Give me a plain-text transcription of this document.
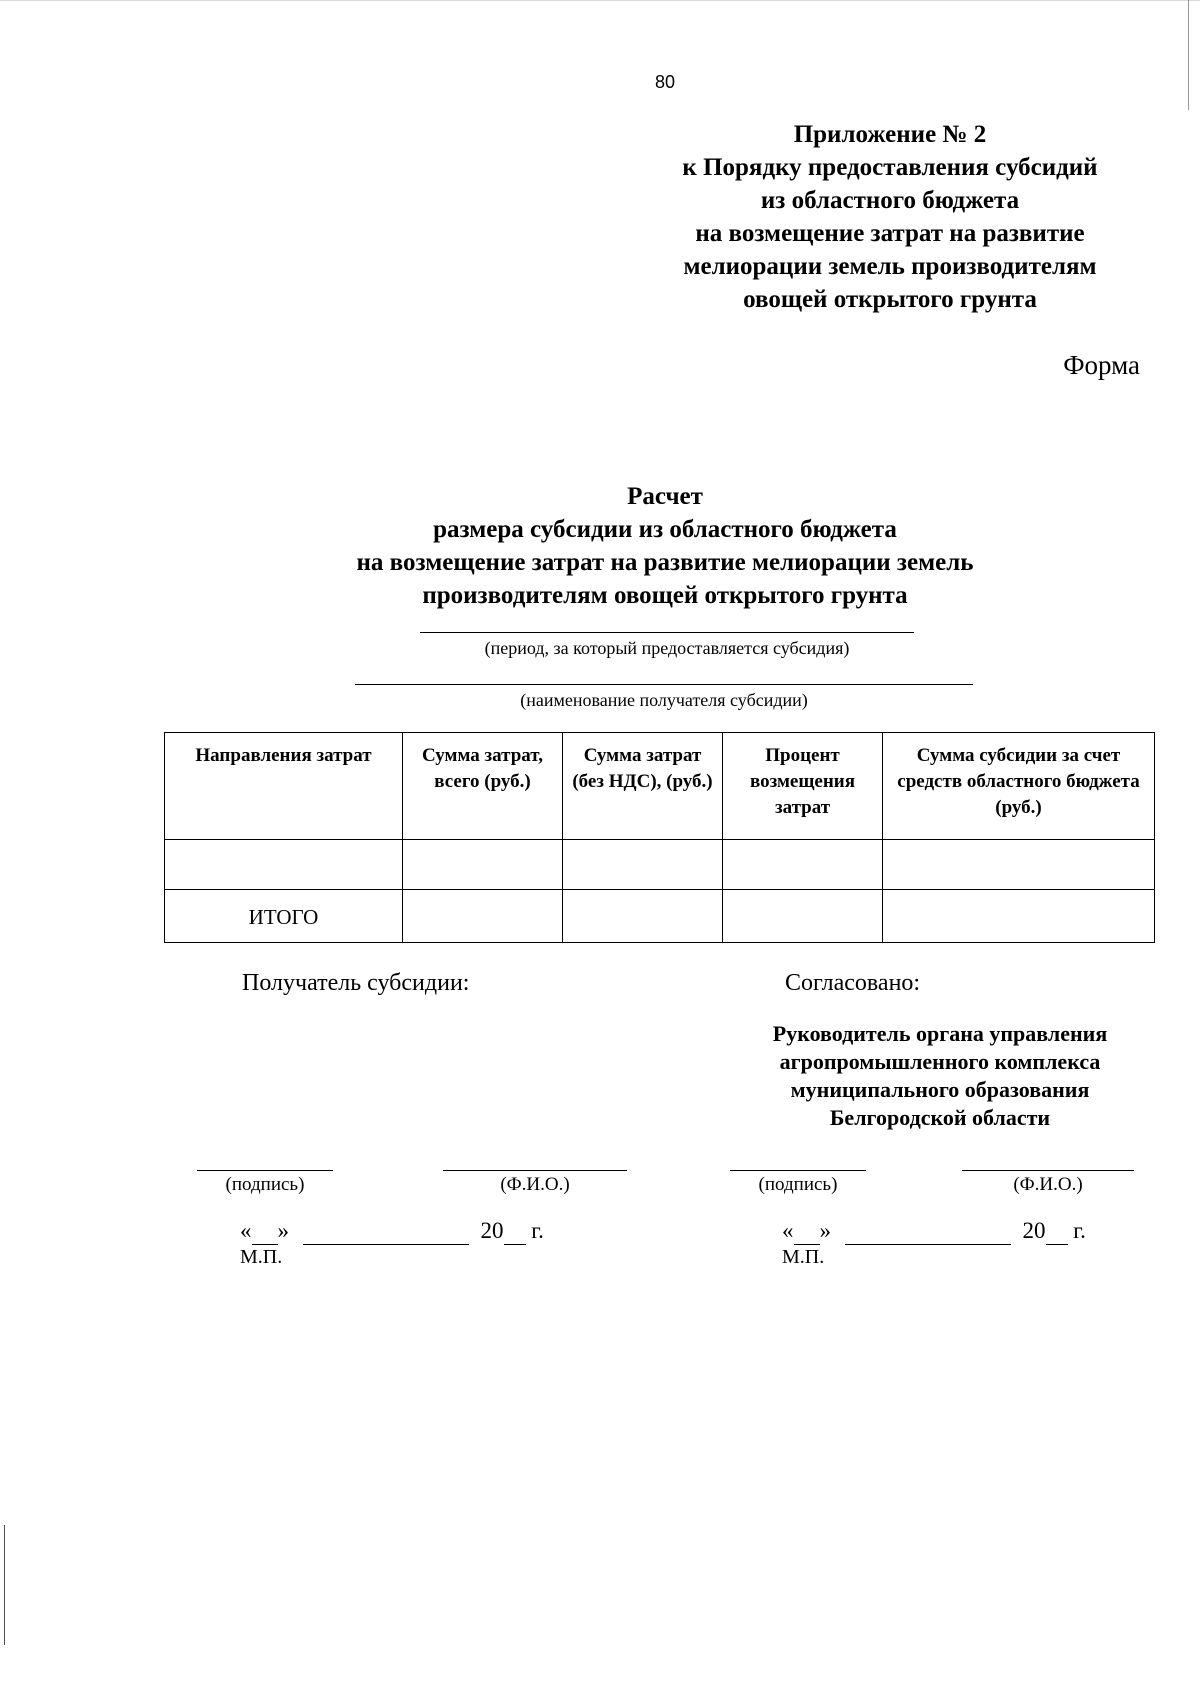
80
Приложение № 2
к Порядку предоставления субсидий
из областного бюджета
на возмещение затрат на развитие
мелиорации земель производителям
овощей открытого грунта
Форма
Расчет
размера субсидии из областного бюджета
на возмещение затрат на развитие мелиорации земель
производителям овощей открытого грунта
(период, за который предоставляется субсидия)
(наименование получателя субсидии)
Направления затрат	Сумма затрат, всего (руб.)	Сумма затрат (без НДС), (руб.)	Процент возмещения затрат	Сумма субсидии за счет средств областного бюджета (руб.)

ИТОГО				
Получатель субсидии:	Согласовано:
Руководитель органа управления
агропромышленного комплекса
муниципального образования
Белгородской области
(подпись)	(Ф.И.О.)
« »	20  г.
М.П.
(подпись)	(Ф.И.О.)
« »	20  г.
М.П.
